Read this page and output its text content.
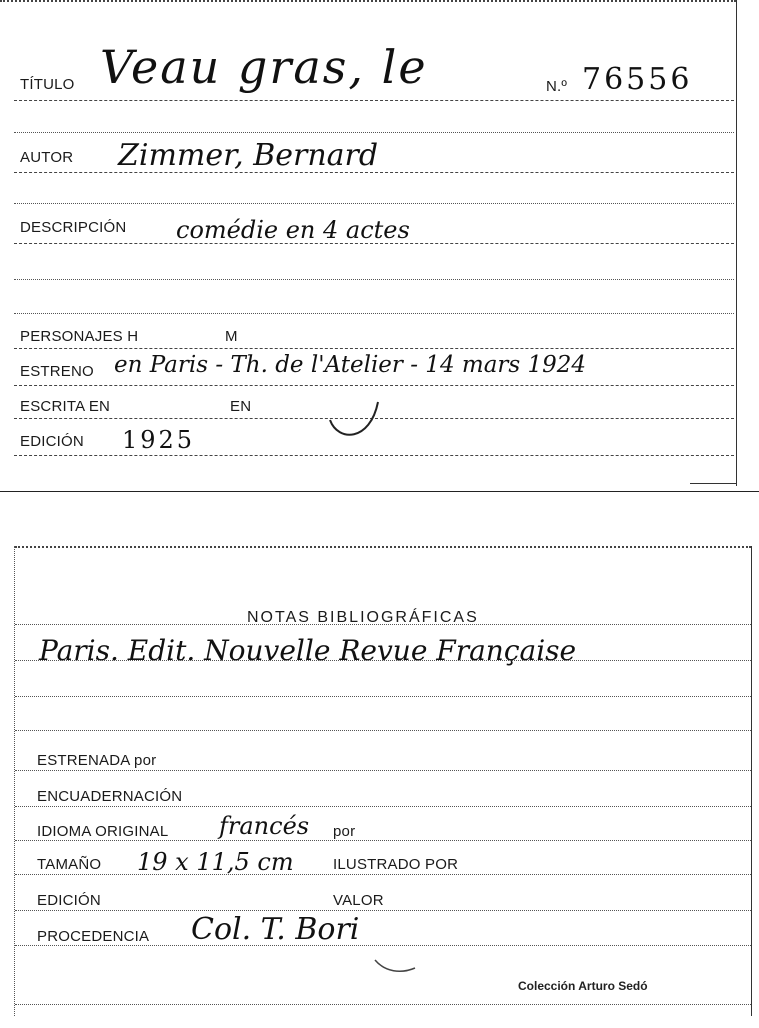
TÍTULO Veau gras, le	N.º 76556
AUTOR Zimmer, Bernard
DESCRIPCIÓN comédie en 4 actes
PERSONAJES H	M
ESTRENO en Paris - Th. de l'Atelier - 14 mars 1924
ESCRITA EN	EN
EDICIÓN 1925
NOTAS BIBLIOGRÁFICAS
Paris. Edit. Nouvelle Revue Française
ESTRENADA por
ENCUADERNACIÓN
IDIOMA ORIGINAL francés por
TAMAÑO 19 x 11,5 cm	ILUSTRADO POR
EDICIÓN	VALOR
PROCEDENCIA Col. T. Bori
Colección Arturo Sedó
